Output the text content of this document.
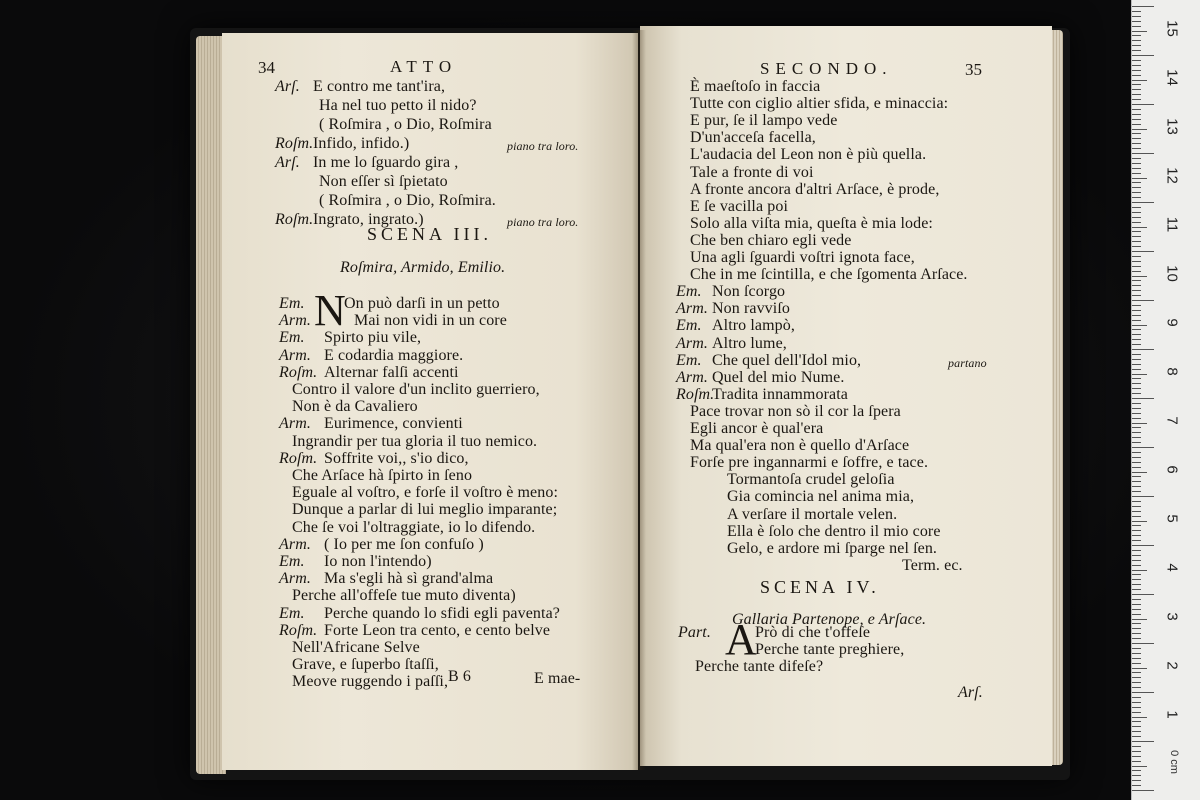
34	ATTO
Arſ. E contro me tant'ira,
Ha nel tuo petto il nido?
( Roſmira , o Dio, Roſmira
Roſm. Infido, infido.)	piano tra loro.
Arſ. In me lo ſguardo gira ,
Non eſſer sì ſpietato
( Roſmira , o Dio, Roſmira.
Roſm. Ingrato, ingrato.)	piano tra loro.
SCENA III.
Roſmira, Armido, Emilio.
N
Em. On può darſi in un petto
Arm.	Mai non vidi in un core
Em. Spirto piu vile,
Arm. E codardia maggiore.
Roſm. Alternar falſi accenti
Contro il valore d'un inclito guerriero,
Non è da Cavaliero
Arm. Eurimence, convienti
Ingrandir per tua gloria il tuo nemico.
Roſm. Soffrite voi,, s'io dico,
Che Arſace hà ſpirto in ſeno
Eguale al voſtro, e forſe il voſtro è meno:
Dunque a parlar di lui meglio imparante;
Che ſe voi l'oltraggiate, io lo difendo.
Arm. ( Io per me ſon confuſo )
Em. Io non l'intendo)
Arm. Ma s'egli hà sì grand'alma
Perche all'offeſe tue muto diventa)
Em. Perche quando lo sfidi egli paventa?
Roſm. Forte Leon tra cento, e cento belve
Nell'Africane Selve
Grave, e ſuperbo ſtaſſi,
Meove ruggendo i paſſi, B 6	E mae-
SECONDO.	35
È maeſtoſo in faccia
Tutte con ciglio altier sfida, e minaccia:
E pur, ſe il lampo vede
D'un'acceſa facella,
L'audacia del Leon non è più quella.
Tale a fronte di voi
A fronte ancora d'altri Arſace, è prode,
E ſe vacilla poi
Solo alla viſta mia, queſta è mia lode:
Che ben chiaro egli vede
Una agli ſguardi voſtri ignota face,
Che in me ſcintilla, e che ſgomenta Arſace.
Em. Non ſcorgo
Arm. Non ravviſo
Em. Altro lampò,
Arm. Altro lume,
Em. Che quel dell'Idol mio,	partano
Arm. Quel del mio Nume.
Roſm.
Tradita innammorata
Pace trovar non sò il cor la ſpera
Egli ancor è qual'era
Ma qual'era non è quello d'Arſace
Forſe pre ingannarmi e ſoffre, e tace.
Tormantoſa crudel geloſia
Gia comincia nel anima mia,
A verſare il mortale velen.
Ella è ſolo che dentro il mio core
Gelo, e ardore mi ſparge nel ſen.
Term. ec.
SCENA IV.
Gallaria Partenope, e Arſace.
Part. A
Prò di che t'offeſe
Perche tante preghiere,
Perche tante difeſe?
Arſ.
0 cm
15
14
13
12
11
10
9
8
7
6
5
4
3
2
1
